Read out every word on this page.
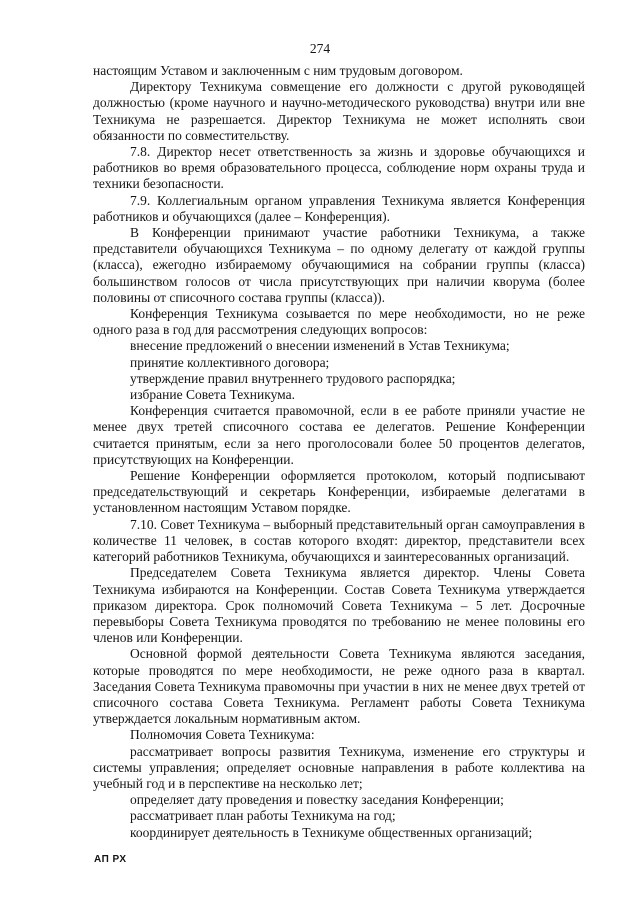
274

настоящим Уставом и заключенным с ним трудовым договором.

Директору Техникума совмещение его должности с другой руководящей должностью (кроме научного и научно-методического руководства) внутри или вне Техникума не разрешается. Директор Техникума не может исполнять свои обязанности по совместительству.

7.8. Директор несет ответственность за жизнь и здоровье обучающихся и работников во время образовательного процесса, соблюдение норм охраны труда и техники безопасности.

7.9. Коллегиальным органом управления Техникума является Конференция работников и обучающихся (далее – Конференция).

В Конференции принимают участие работники Техникума, а также представители обучающихся Техникума – по одному делегату от каждой группы (класса), ежегодно избираемому обучающимися на собрании группы (класса) большинством голосов от числа присутствующих при наличии кворума (более половины от списочного состава группы (класса)).

Конференция Техникума созывается по мере необходимости, но не реже одного раза в год для рассмотрения следующих вопросов:

внесение предложений о внесении изменений в Устав Техникума;

принятие коллективного договора;

утверждение правил внутреннего трудового распорядка;

избрание Совета Техникума.

Конференция считается правомочной, если в ее работе приняли участие не менее двух третей списочного состава ее делегатов. Решение Конференции считается принятым, если за него проголосовали более 50 процентов делегатов, присутствующих на Конференции.

Решение Конференции оформляется протоколом, который подписывают председательствующий и секретарь Конференции, избираемые делегатами в установленном настоящим Уставом порядке.

7.10. Совет Техникума – выборный представительный орган самоуправления в количестве 11 человек, в состав которого входят: директор, представители всех категорий работников Техникума, обучающихся и заинтересованных организаций.

Председателем Совета Техникума является директор. Члены Совета Техникума избираются на Конференции. Состав Совета Техникума утверждается приказом директора. Срок полномочий Совета Техникума – 5 лет. Досрочные перевыборы Совета Техникума проводятся по требованию не менее половины его членов или Конференции.

Основной формой деятельности Совета Техникума являются заседания, которые проводятся по мере необходимости, не реже одного раза в квартал. Заседания Совета Техникума правомочны при участии в них не менее двух третей от списочного состава Совета Техникума. Регламент работы Совета Техникума утверждается локальным нормативным актом.

Полномочия Совета Техникума:

рассматривает вопросы развития Техникума, изменение его структуры и системы управления; определяет основные направления в работе коллектива на учебный год и в перспективе на несколько лет;

определяет дату проведения и повестку заседания Конференции;

рассматривает план работы Техникума на год;

координирует деятельность в Техникуме общественных организаций;

АП РХ
